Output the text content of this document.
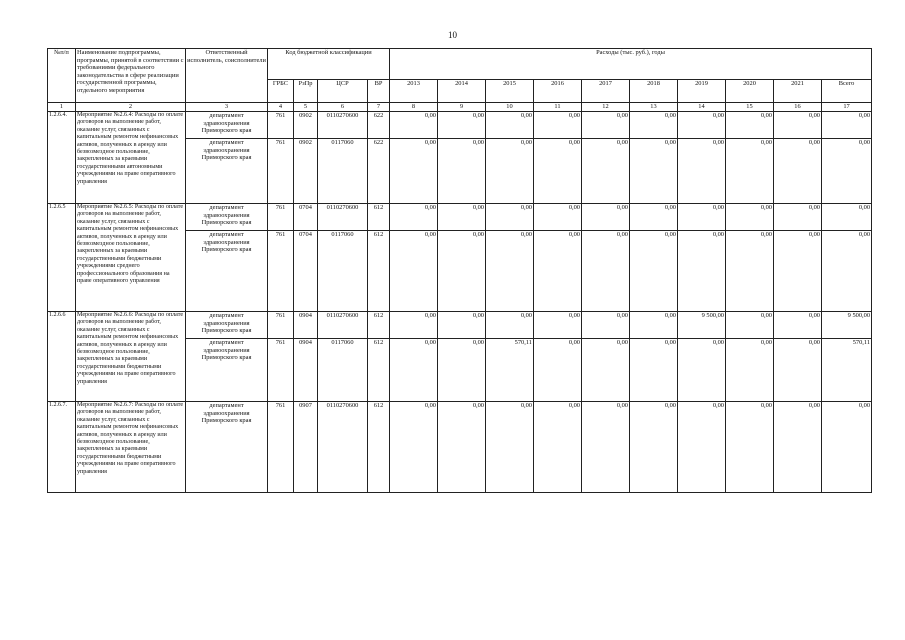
10
№п/п	Наименование подпрограммы, программы, принятой в соответствии с требованиями федерального законодательства в сфере реализации государственной программы, отдельного мероприятия	Ответственный исполнитель, соисполнители	Код бюджетной классификации				Расходы (тыс. руб.), годы									
			ГРБС	РзПр	ЦСР	ВР	2013	2014	2015	2016	2017	2018	2019	2020	2021	Всего
1	2	3	4	5	6	7	8	9	10	11	12	13	14	15	16	17
1.2.6.4.	Мероприятие №2.6.4: Расходы по оплате договоров на выполнение работ, оказание услуг, связанных с капитальным ремонтом нефинансовых активов, полученных в аренду или безвозмездное пользование, закрепленных за краевыми государственными автономными учреждениями на праве оперативного управления	департамент здравоохранения Приморского края	761	0902	0110270600	622	0,00	0,00	0,00	0,00	0,00	0,00	0,00	0,00	0,00	0,00
		департамент здравоохранения Приморского края	761	0902	0117060	622	0,00	0,00	0,00	0,00	0,00	0,00	0,00	0,00	0,00	0,00
1.2.6.5	Мероприятие №2.6.5: Расходы по оплате договоров на выполнение работ, оказание услуг, связанных с капитальным ремонтом нефинансовых активов, полученных в аренду или безвозмездное пользование, закрепленных за краевыми государственными бюджетными учреждениями среднего профессионального образования на праве оперативного управления	департамент здравоохранения Приморского края	761	0704	0110270600	612	0,00	0,00	0,00	0,00	0,00	0,00	0,00	0,00	0,00	0,00
		департамент здравоохранения Приморского края	761	0704	0117060	612	0,00	0,00	0,00	0,00	0,00	0,00	0,00	0,00	0,00	0,00
1.2.6.6	Мероприятие №2.6.6: Расходы по оплате договоров на выполнение работ, оказание услуг, связанных с капитальным ремонтом нефинансовых активов, полученных в аренду или безвозмездное пользование, закрепленных за краевыми государственными бюджетными учреждениями на праве оперативного управления	департамент здравоохранения Приморского края	761	0904	0110270600	612	0,00	0,00	0,00	0,00	0,00	0,00	9 500,00	0,00	0,00	9 500,00
		департамент здравоохранения Приморского края	761	0904	0117060	612	0,00	0,00	570,11	0,00	0,00	0,00	0,00	0,00	0,00	570,11
1.2.6.7.	Мероприятие №2.6.7: Расходы по оплате договоров на выполнение работ, оказание услуг, связанных с капитальным ремонтом нефинансовых активов, полученных в аренду или безвозмездное пользование, закрепленных за краевыми государственными бюджетными учреждениями на праве оперативного управления	департамент здравоохранения Приморского края	761	0907	0110270600	612	0,00	0,00	0,00	0,00	0,00	0,00	0,00	0,00	0,00	0,00
